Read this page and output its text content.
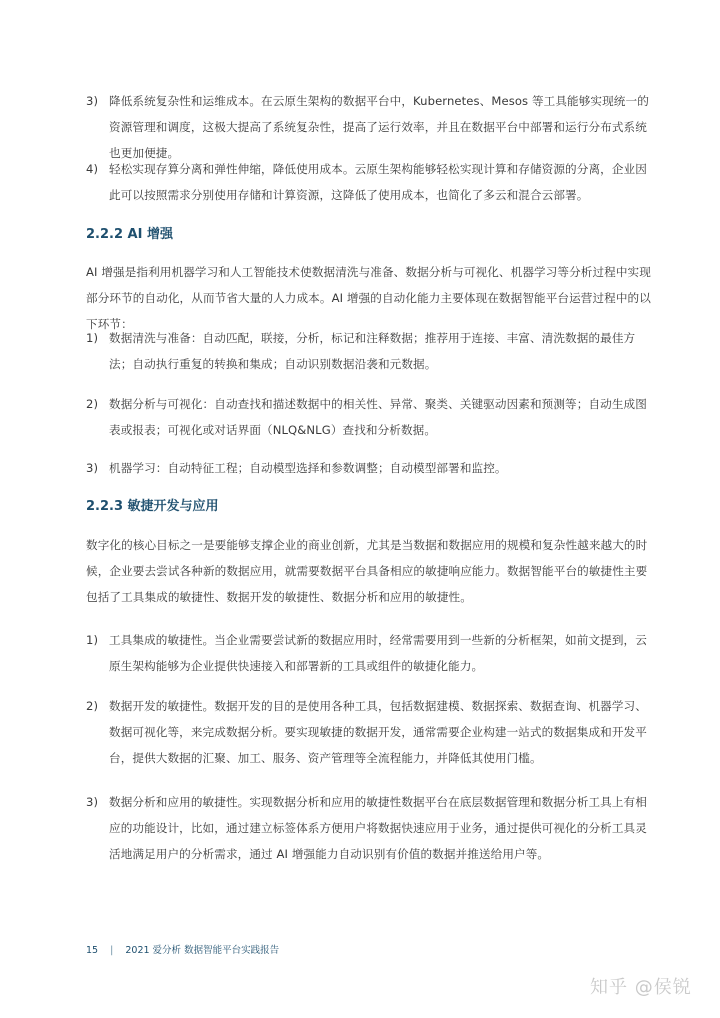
3) 降低系统复杂性和运维成本。在云原生架构的数据平台中，Kubernetes、Mesos 等工具能够实现统一的资源管理和调度，这极大提高了系统复杂性，提高了运行效率，并且在数据平台中部署和运行分布式系统也更加便捷。
4) 轻松实现存算分离和弹性伸缩，降低使用成本。云原生架构能够轻松实现计算和存储资源的分离，企业因此可以按照需求分别使用存储和计算资源，这降低了使用成本，也简化了多云和混合云部署。
2.2.2 AI 增强

AI 增强是指利用机器学习和人工智能技术使数据清洗与准备、数据分析与可视化、机器学习等分析过程中实现部分环节的自动化，从而节省大量的人力成本。AI 增强的自动化能力主要体现在数据智能平台运营过程中的以下环节：

1) 数据清洗与准备：自动匹配，联接，分析，标记和注释数据；推荐用于连接、丰富、清洗数据的最佳方法；自动执行重复的转换和集成；自动识别数据沿袭和元数据。
2) 数据分析与可视化：自动查找和描述数据中的相关性、异常、聚类、关键驱动因素和预测等；自动生成图表或报表；可视化或对话界面（NLQ&NLG）查找和分析数据。
3) 机器学习：自动特征工程；自动模型选择和参数调整；自动模型部署和监控。
2.2.3 敏捷开发与应用

数字化的核心目标之一是要能够支撑企业的商业创新，尤其是当数据和数据应用的规模和复杂性越来越大的时候，企业要去尝试各种新的数据应用，就需要数据平台具备相应的敏捷响应能力。数据智能平台的敏捷性主要包括了工具集成的敏捷性、数据开发的敏捷性、数据分析和应用的敏捷性。

1) 工具集成的敏捷性。当企业需要尝试新的数据应用时，经常需要用到一些新的分析框架，如前文提到，云原生架构能够为企业提供快速接入和部署新的工具或组件的敏捷化能力。
2) 数据开发的敏捷性。数据开发的目的是使用各种工具，包括数据建模、数据探索、数据查询、机器学习、数据可视化等，来完成数据分析。要实现敏捷的数据开发，通常需要企业构建一站式的数据集成和开发平台，提供大数据的汇聚、加工、服务、资产管理等全流程能力，并降低其使用门槛。
3) 数据分析和应用的敏捷性。实现数据分析和应用的敏捷性数据平台在底层数据管理和数据分析工具上有相应的功能设计，比如，通过建立标签体系方便用户将数据快速应用于业务，通过提供可视化的分析工具灵活地满足用户的分析需求，通过 AI 增强能力自动识别有价值的数据并推送给用户等。
15 | 2021 爱分析 数据智能平台实践报告
知乎 @侯锐
